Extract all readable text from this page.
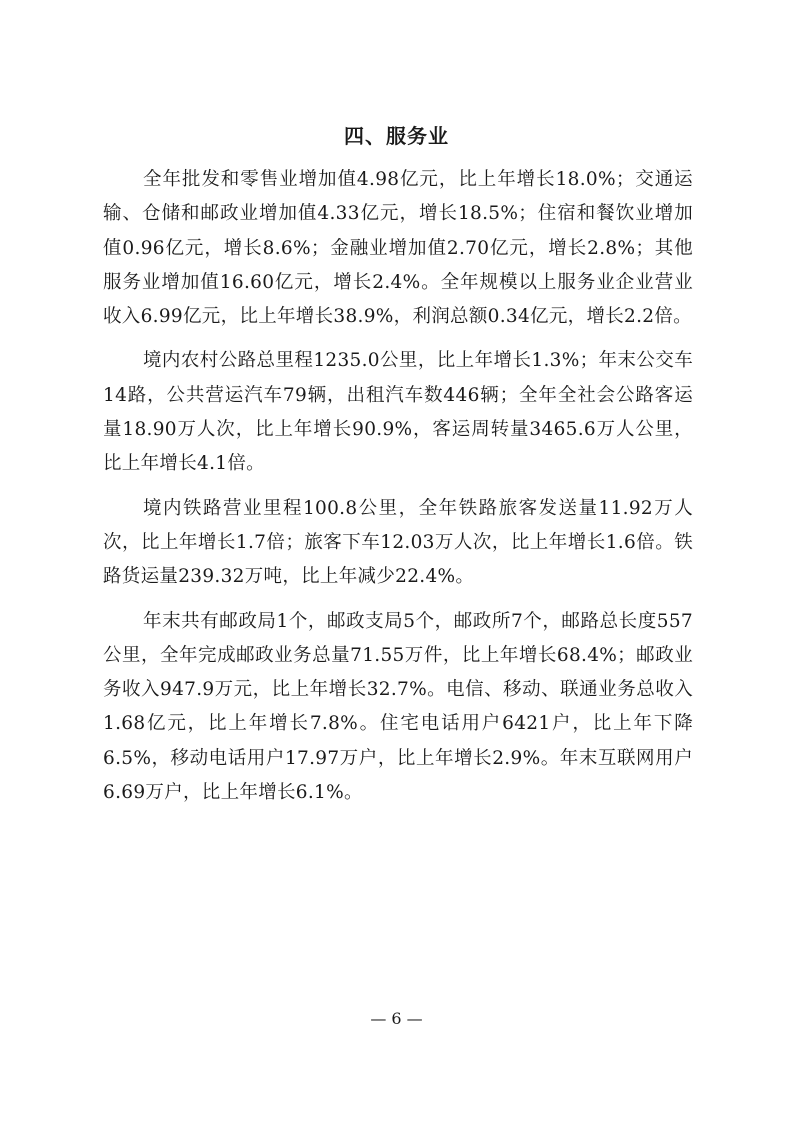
四、服务业

全年批发和零售业增加值4.98亿元，比上年增长18.0%；交通运输、仓储和邮政业增加值4.33亿元，增长18.5%；住宿和餐饮业增加值0.96亿元，增长8.6%；金融业增加值2.70亿元，增长2.8%；其他服务业增加值16.60亿元，增长2.4%。全年规模以上服务业企业营业收入6.99亿元，比上年增长38.9%，利润总额0.34亿元，增长2.2倍。

境内农村公路总里程1235.0公里，比上年增长1.3%；年末公交车14路，公共营运汽车79辆，出租汽车数446辆；全年全社会公路客运量18.90万人次，比上年增长90.9%，客运周转量3465.6万人公里，比上年增长4.1倍。

境内铁路营业里程100.8公里，全年铁路旅客发送量11.92万人次，比上年增长1.7倍；旅客下车12.03万人次，比上年增长1.6倍。铁路货运量239.32万吨，比上年减少22.4%。

年末共有邮政局1个，邮政支局5个，邮政所7个，邮路总长度557公里，全年完成邮政业务总量71.55万件，比上年增长68.4%；邮政业务收入947.9万元，比上年增长32.7%。电信、移动、联通业务总收入1.68亿元，比上年增长7.8%。住宅电话用户6421户，比上年下降6.5%，移动电话用户17.97万户，比上年增长2.9%。年末互联网用户6.69万户，比上年增长6.1%。

— 6 —
